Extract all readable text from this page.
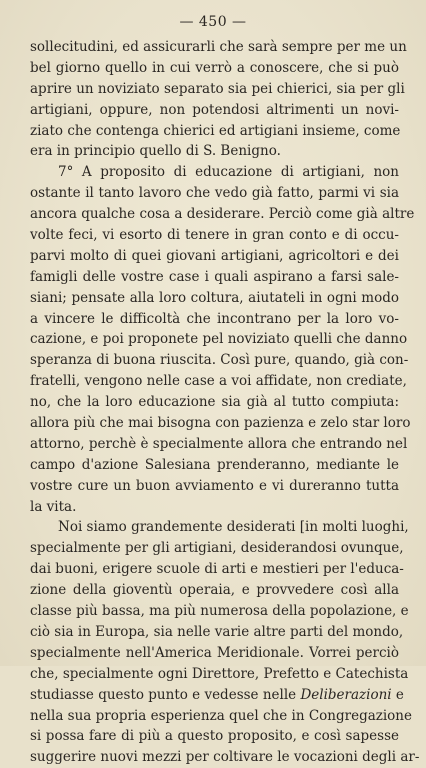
— 450 —
sollecitudini, ed assicurarli che sarà sempre per me un
bel giorno quello in cui verrò a conoscere, che si può
aprire un noviziato separato sia pei chierici, sia per gli
artigiani, oppure, non potendosi altrimenti un novi-
ziato che contenga chierici ed artigiani insieme, come
era in principio quello di S. Benigno.
7° A proposito di educazione di artigiani, non
ostante il tanto lavoro che vedo già fatto, parmi vi sia
ancora qualche cosa a desiderare. Perciò come già altre
volte feci, vi esorto di tenere in gran conto e di occu-
parvi molto di quei giovani artigiani, agricoltori e dei
famigli delle vostre case i quali aspirano a farsi sale-
siani; pensate alla loro coltura, aiutateli in ogni modo
a vincere le difficoltà che incontrano per la loro vo-
cazione, e poi proponete pel noviziato quelli che danno
speranza di buona riuscita. Così pure, quando, già con-
fratelli, vengono nelle case a voi affidate, non crediate,
no, che la loro educazione sia già al tutto compiuta:
allora più che mai bisogna con pazienza e zelo star loro
attorno, perchè è specialmente allora che entrando nel
campo d'azione Salesiana prenderanno, mediante le
vostre cure un buon avviamento e vi dureranno tutta
la vita.
Noi siamo grandemente desiderati [in molti luoghi,
specialmente per gli artigiani, desiderandosi ovunque,
dai buoni, erigere scuole di arti e mestieri per l'educa-
zione della gioventù operaia, e provvedere così alla
classe più bassa, ma più numerosa della popolazione, e
ciò sia in Europa, sia nelle varie altre parti del mondo,
specialmente nell'America Meridionale. Vorrei perciò
che, specialmente ogni Direttore, Prefetto e Catechista
studiasse questo punto e vedesse nelle Deliberazioni e
nella sua propria esperienza quel che in Congregazione
si possa fare di più a questo proposito, e così sapesse
suggerire nuovi mezzi per coltivare le vocazioni degli ar-
